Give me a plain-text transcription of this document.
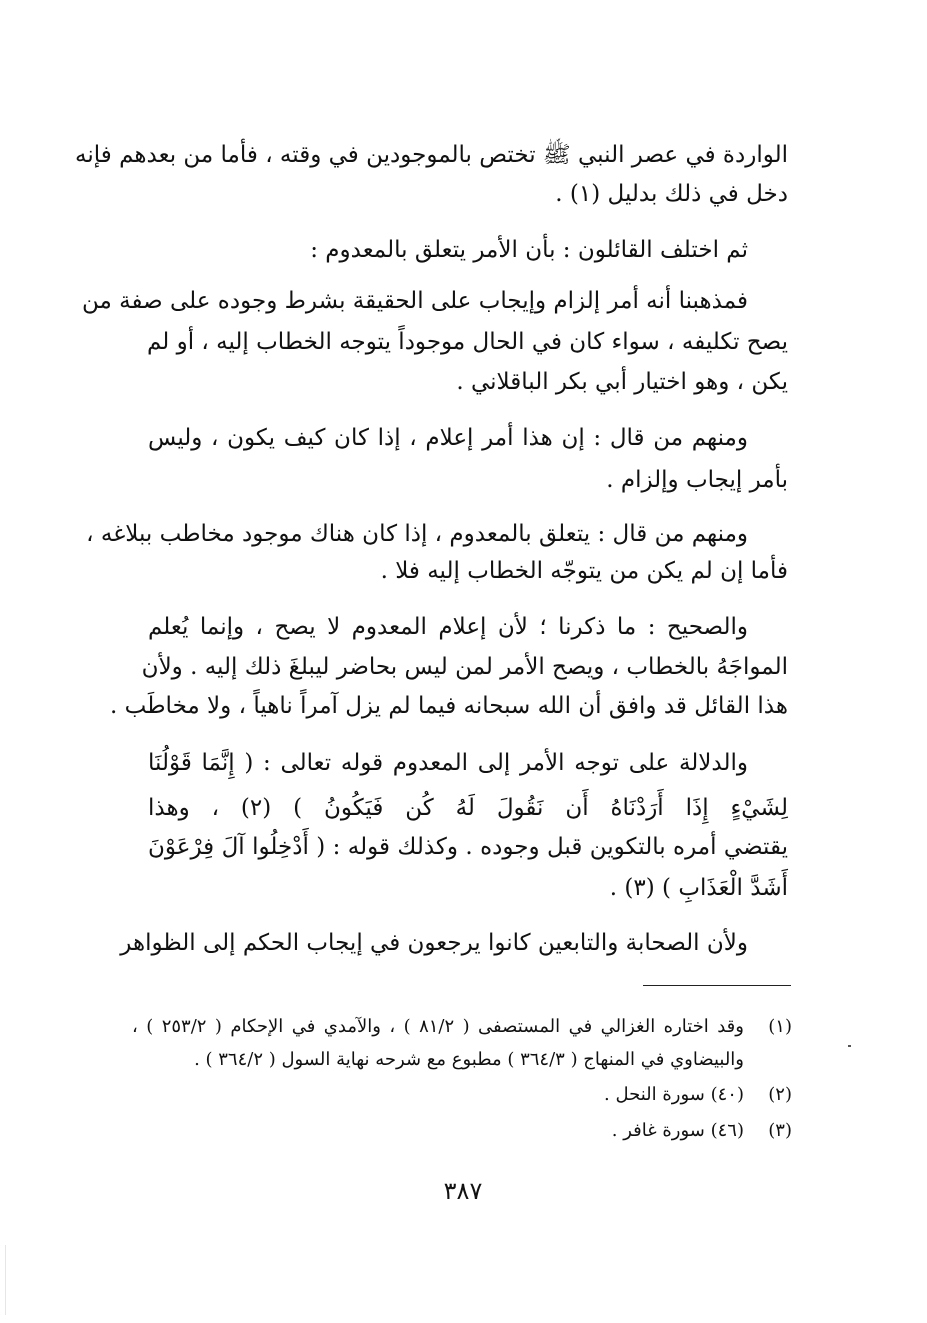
الواردة في عصر النبي ﷺ تختص بالموجودين في وقته ، فأما من بعدهم فإنه
دخل في ذلك بدليل (١) .
ثم اختلف القائلون : بأن الأمر يتعلق بالمعدوم :
فمذهبنا أنه أمر إلزام وإيجاب على الحقيقة بشرط وجوده على صفة من
يصح تكليفه ، سواء كان في الحال موجوداً يتوجه الخطاب إليه ، أو لم
يكن ، وهو اختيار أبي بكر الباقلاني .
ومنهم من قال : إن هذا أمر إعلام ، إذا كان كيف يكون ، وليس
بأمر إيجاب وإلزام .
ومنهم من قال : يتعلق بالمعدوم ، إذا كان هناك موجود مخاطب ببلاغه ،
فأما إن لم يكن من يتوجّه الخطاب إليه فلا .
والصحيح : ما ذكرنا ؛ لأن إعلام المعدوم لا يصح ، وإنما يُعلم
المواجَهُ بالخطاب ، ويصح الأمر لمن ليس بحاضر ليبلغَ ذلك إليه . ولأن
هذا القائل قد وافق أن الله سبحانه فيما لم يزل آمراً ناهياً ، ولا مخاطَب .
والدلالة على توجه الأمر إلى المعدوم قوله تعالى : ( إِنَّمَا قَوْلُنَا
لِشَيْءٍ إِذَا أَرَدْنَاهُ أَن نَقُولَ لَهُ كُن فَيَكُونُ ) (٢) ، وهذا
يقتضي أمره بالتكوين قبل وجوده . وكذلك قوله : ( أَدْخِلُوا آلَ فِرْعَوْنَ
أَشَدَّ الْعَذَابِ ) (٣) .
ولأن الصحابة والتابعين كانوا يرجعون في إيجاب الحكم إلى الظواهر
(١)
وقد اختاره الغزالي في المستصفى ( ٨١/٢ ) ، والآمدي في الإحكام ( ٢٥٣/٢ ) ،
والبيضاوي في المنهاج ( ٣٦٤/٣ ) مطبوع مع شرحه نهاية السول ( ٣٦٤/٢ ) .
(٢)
(٤٠) سورة النحل .
(٣)
(٤٦) سورة غافر .
٣٨٧
